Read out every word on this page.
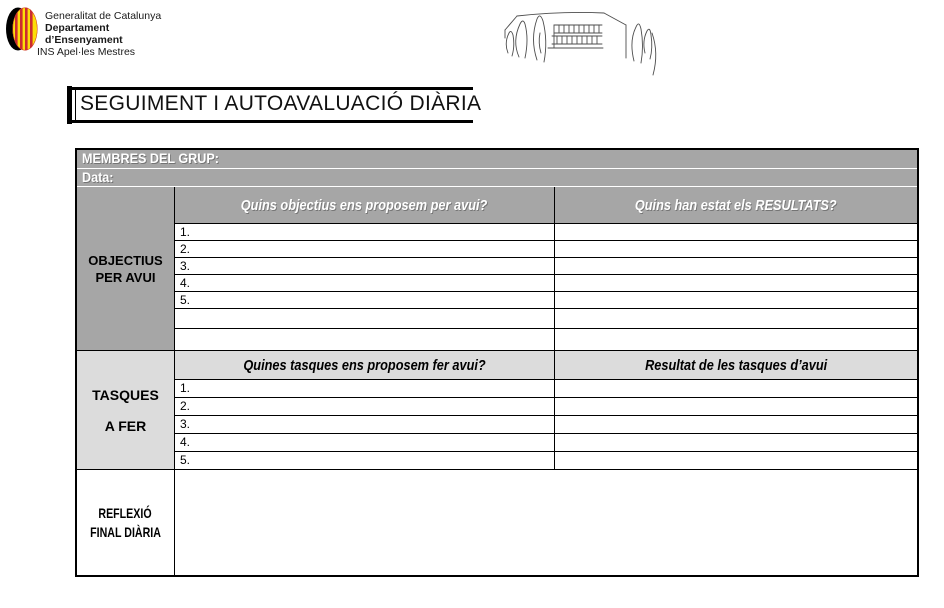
Generalitat de Catalunya
Departament
d’Ensenyament
INS Apel·les Mestres
SEGUIMENT I AUTOAVALUACIÓ DIÀRIA
MEMBRES DEL GRUP:
Data:
OBJECTIUS
PER AVUI
Quins objectius ens proposem per avui?	Quins han estat els RESULTATS?
1.
2.
3.
4.
5.
TASQUES
A FER
Quines tasques ens proposem fer avui?	Resultat de les tasques d’avui
1.
2.
3.
4.
5.
REFLEXIÓ
FINAL DIÀRIA
